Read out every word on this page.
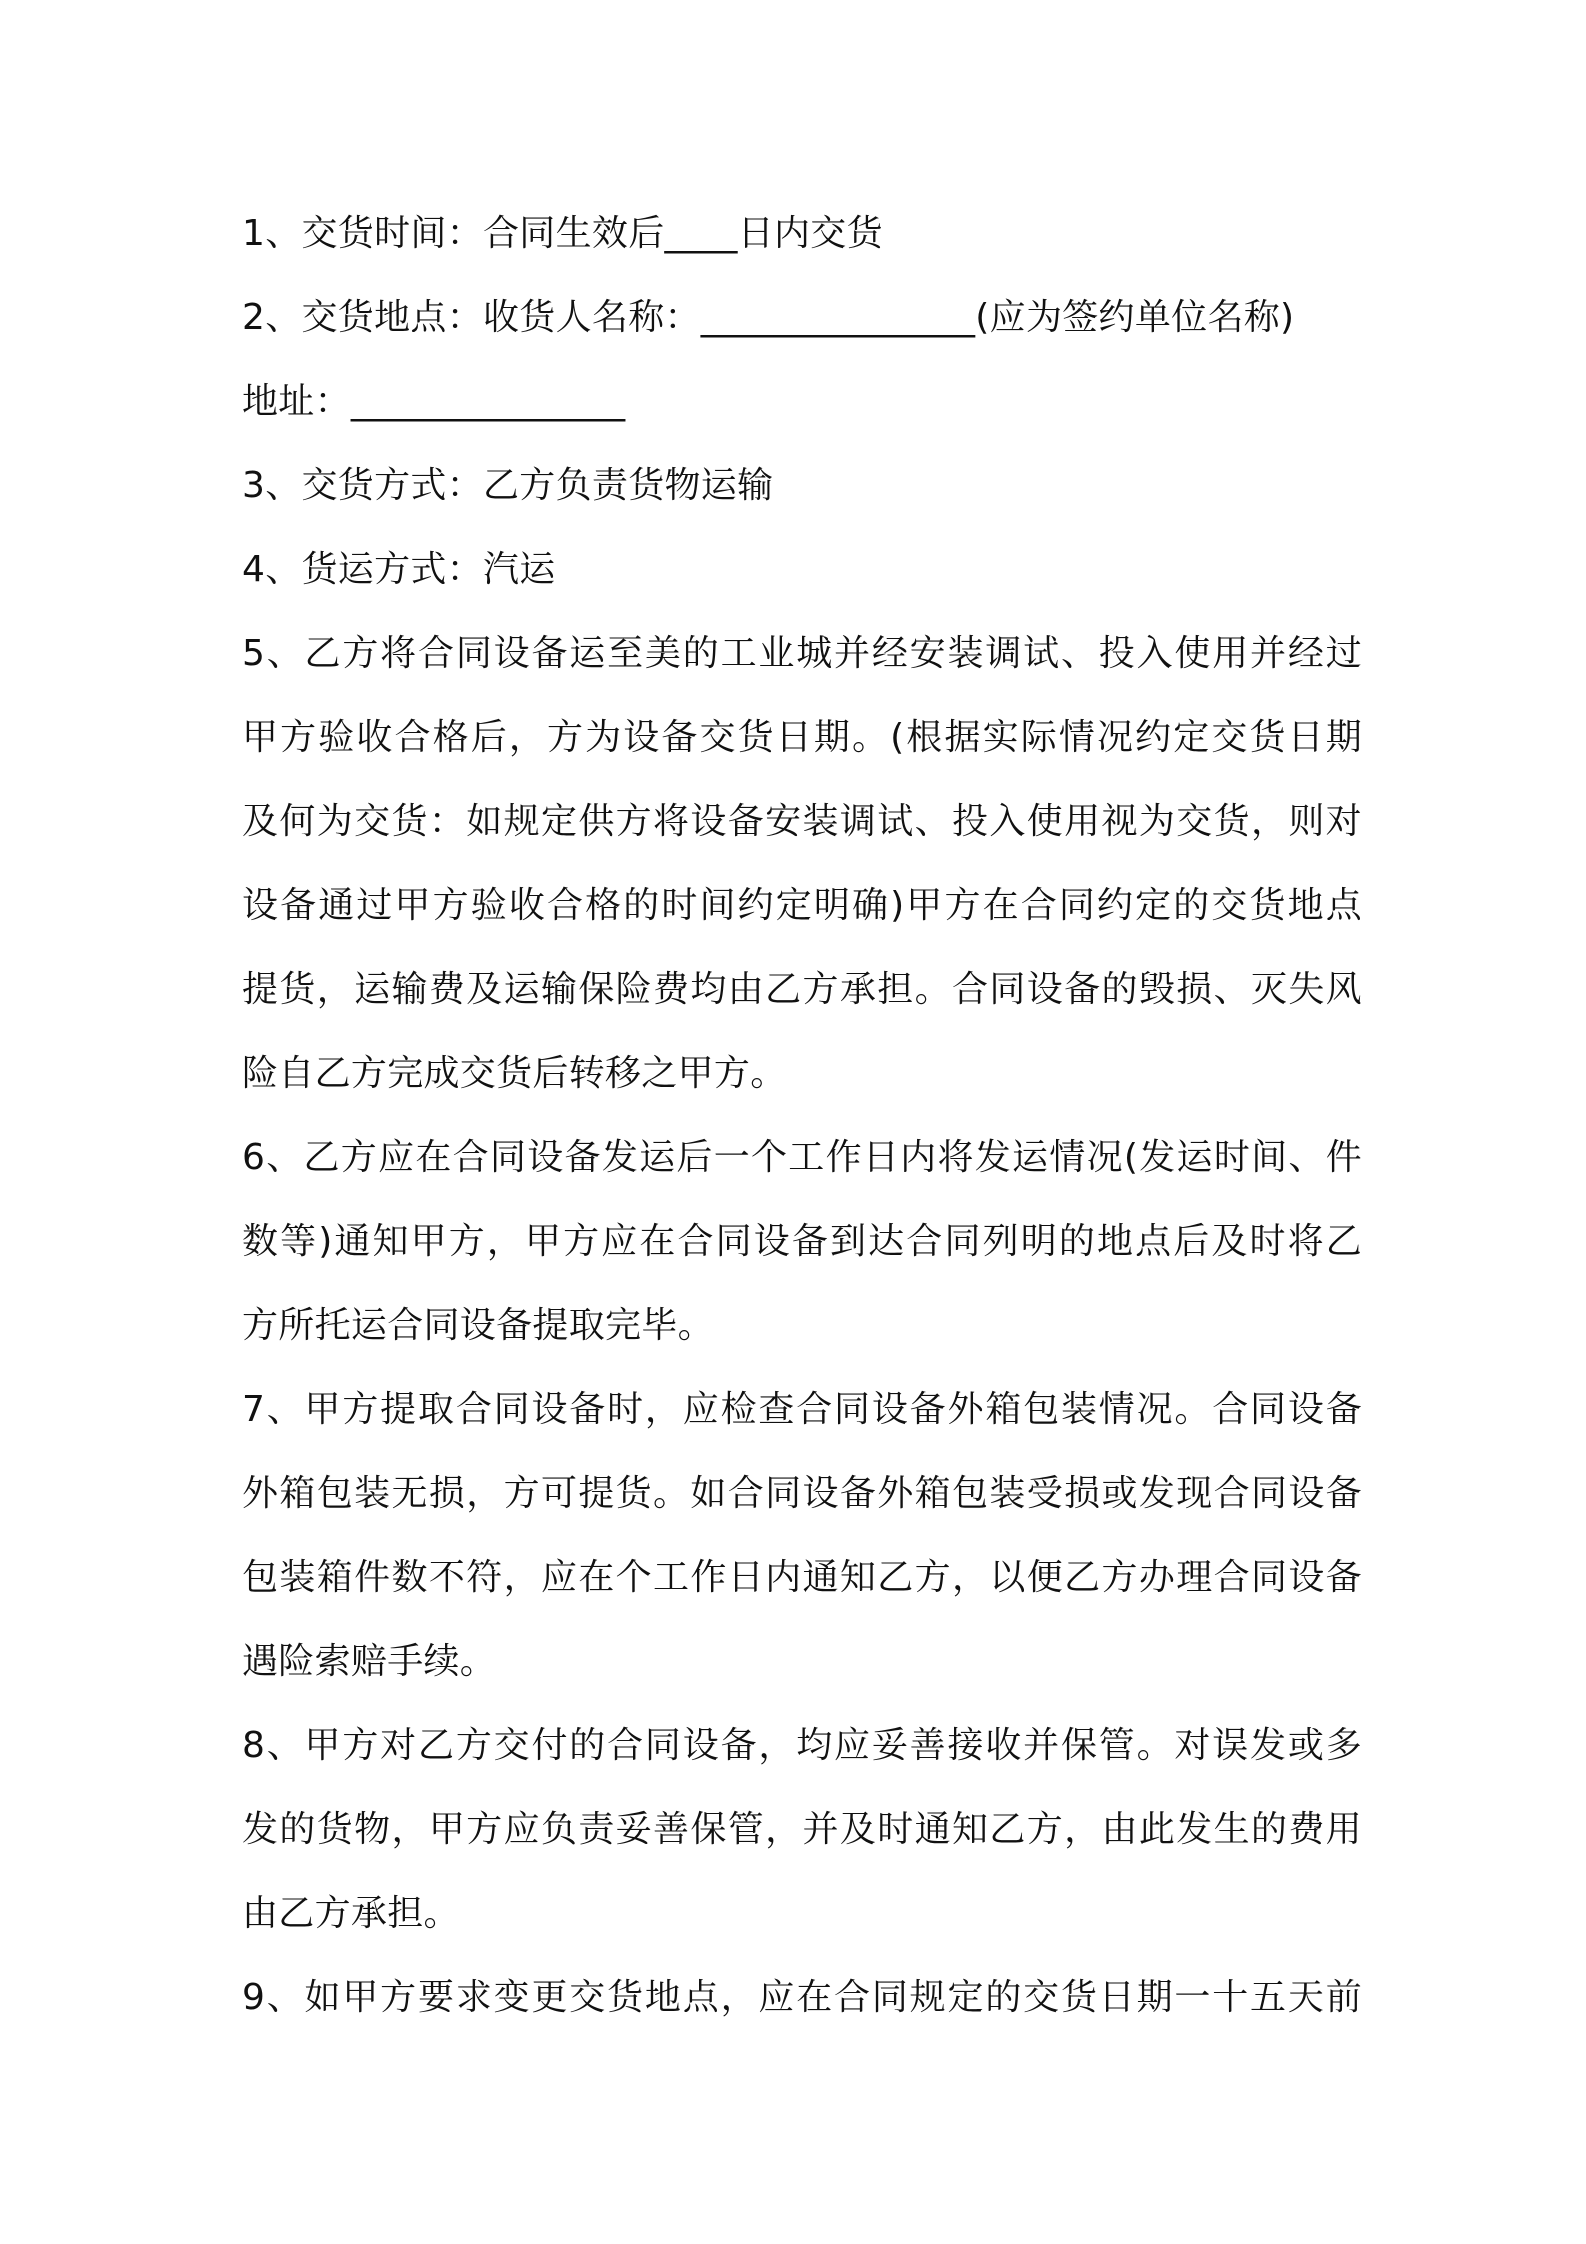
1、交货时间：合同生效后____日内交货
2、交货地点：收货人名称：_______________(应为签约单位名称)
地址：_______________
3、交货方式：乙方负责货物运输
4、货运方式：汽运
5、乙方将合同设备运至美的工业城并经安装调试、投入使用并经过
甲方验收合格后，方为设备交货日期。(根据实际情况约定交货日期
及何为交货：如规定供方将设备安装调试、投入使用视为交货，则对
设备通过甲方验收合格的时间约定明确)甲方在合同约定的交货地点
提货，运输费及运输保险费均由乙方承担。合同设备的毁损、灭失风
险自乙方完成交货后转移之甲方。
6、乙方应在合同设备发运后一个工作日内将发运情况(发运时间、件
数等)通知甲方，甲方应在合同设备到达合同列明的地点后及时将乙
方所托运合同设备提取完毕。
7、甲方提取合同设备时，应检查合同设备外箱包装情况。合同设备
外箱包装无损，方可提货。如合同设备外箱包装受损或发现合同设备
包装箱件数不符，应在个工作日内通知乙方，以便乙方办理合同设备
遇险索赔手续。
8、甲方对乙方交付的合同设备，均应妥善接收并保管。对误发或多
发的货物，甲方应负责妥善保管，并及时通知乙方，由此发生的费用
由乙方承担。
9、如甲方要求变更交货地点，应在合同规定的交货日期一十五天前
